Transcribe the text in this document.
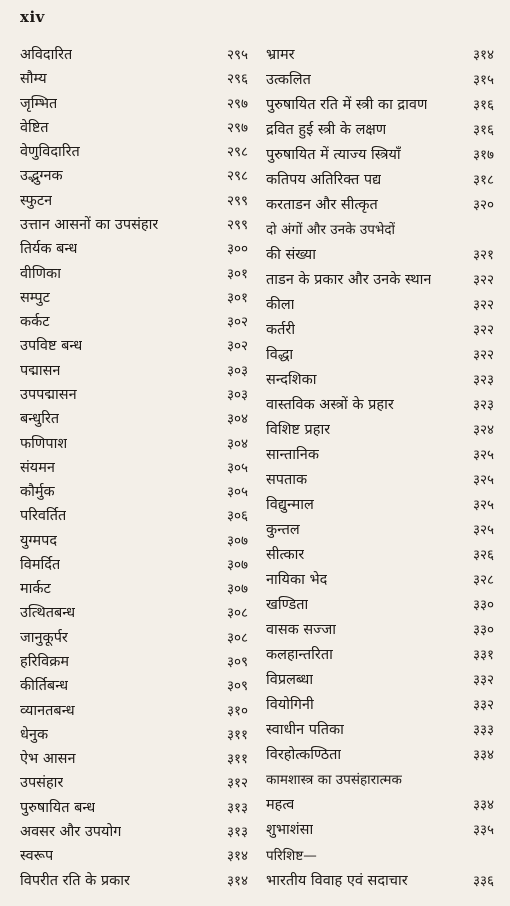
xiv
अविदारित	२९५
सौम्य	२९६
जृम्भित	२९७
वेष्टित	२९७
वेणुविदारित	२९८
उद्भुग्नक	२९८
स्फुटन	२९९
उत्तान आसनों का उपसंहार	२९९
तिर्यक बन्ध	३००
वीणिका	३०१
सम्पुट	३०१
कर्कट	३०२
उपविष्ट बन्ध	३०२
पद्मासन	३०३
उपपद्मासन	३०३
बन्धुरित	३०४
फणिपाश	३०४
संयमन	३०५
कौर्मुक	३०५
परिवर्तित	३०६
युग्मपद	३०७
विमर्दित	३०७
मार्कट	३०७
उत्थितबन्ध	३०८
जानुकूर्पर	३०८
हरिविक्रम	३०९
कीर्तिबन्ध	३०९
व्यानतबन्ध	३१०
धेनुक	३११
ऐभ आसन	३११
उपसंहार	३१२
पुरुषायित बन्ध	३१३
अवसर और उपयोग	३१३
स्वरूप	३१४
विपरीत रति के प्रकार	३१४
भ्रामर	३१४
उत्कलित	३१५
पुरुषायित रति में स्त्री का द्रावण	३१६
द्रवित हुई स्त्री के लक्षण	३१६
पुरुषायित में त्याज्य स्त्रियाँ	३१७
कतिपय अतिरिक्त पद्य	३१८
करताडन और सीत्कृत	३२०
दो अंगों और उनके उपभेदों
की संख्या	३२१
ताडन के प्रकार और उनके स्थान	३२२
कीला	३२२
कर्तरी	३२२
विद्धा	३२२
सन्दशिका	३२३
वास्तविक अस्त्रों के प्रहार	३२३
विशिष्ट प्रहार	३२४
सान्तानिक	३२५
सपताक	३२५
विद्युन्माल	३२५
कुन्तल	३२५
सीत्कार	३२६
नायिका भेद	३२८
खण्डिता	३३०
वासक सज्जा	३३०
कलहान्तरिता	३३१
विप्रलब्धा	३३२
वियोगिनी	३३२
स्वाधीन पतिका	३३३
विरहोत्कण्ठिता	३३४
कामशास्त्र का उपसंहारात्मक
महत्व	३३४
शुभाशंसा	३३५
परिशिष्ट—
भारतीय विवाह एवं सदाचार	३३६
